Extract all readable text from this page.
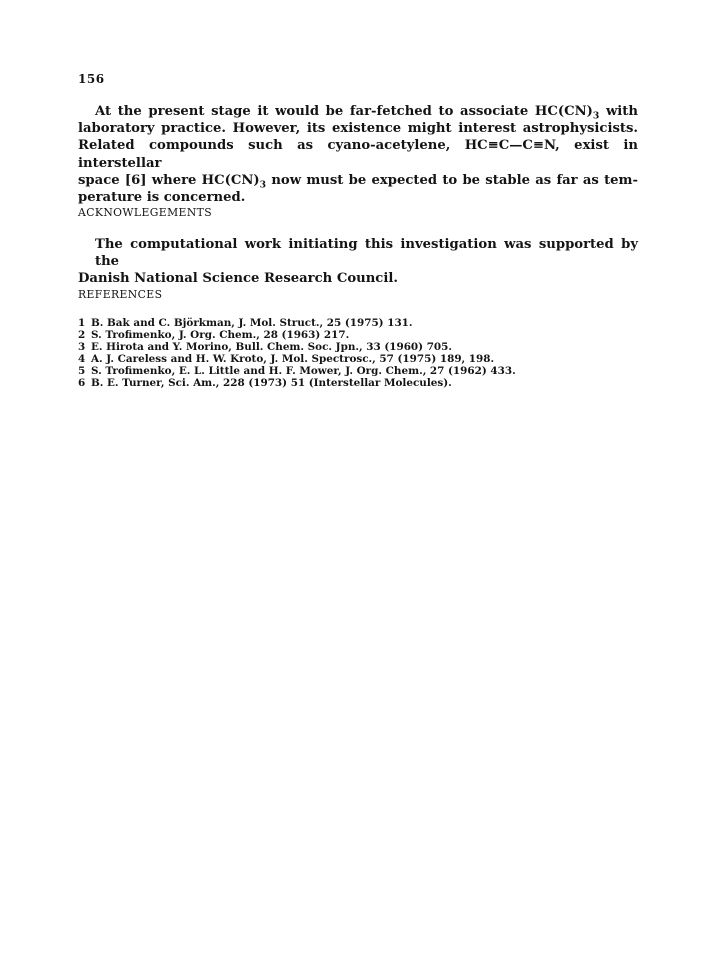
156
At the present stage it would be far-fetched to associate $HC(CN)_3$ with
laboratory practice. However, its existence might interest astrophysicists.
Related compounds such as cyano-acetylene, HC≡C—C≡N, exist in interstellar
space [6] where $HC(CN)_3$ now must be expected to be stable as far as tem-
perature is concerned.
ACKNOWLEGEMENTS
The computational work initiating this investigation was supported by the
Danish National Science Research Council.
REFERENCES
1 B. Bak and C. Björkman, J. Mol. Struct., 25 (1975) 131.
2 S. Trofimenko, J. Org. Chem., 28 (1963) 217.
3 E. Hirota and Y. Morino, Bull. Chem. Soc. Jpn., 33 (1960) 705.
4 A. J. Careless and H. W. Kroto, J. Mol. Spectrosc., 57 (1975) 189, 198.
5 S. Trofimenko, E. L. Little and H. F. Mower, J. Org. Chem., 27 (1962) 433.
6 B. E. Turner, Sci. Am., 228 (1973) 51 (Interstellar Molecules).
